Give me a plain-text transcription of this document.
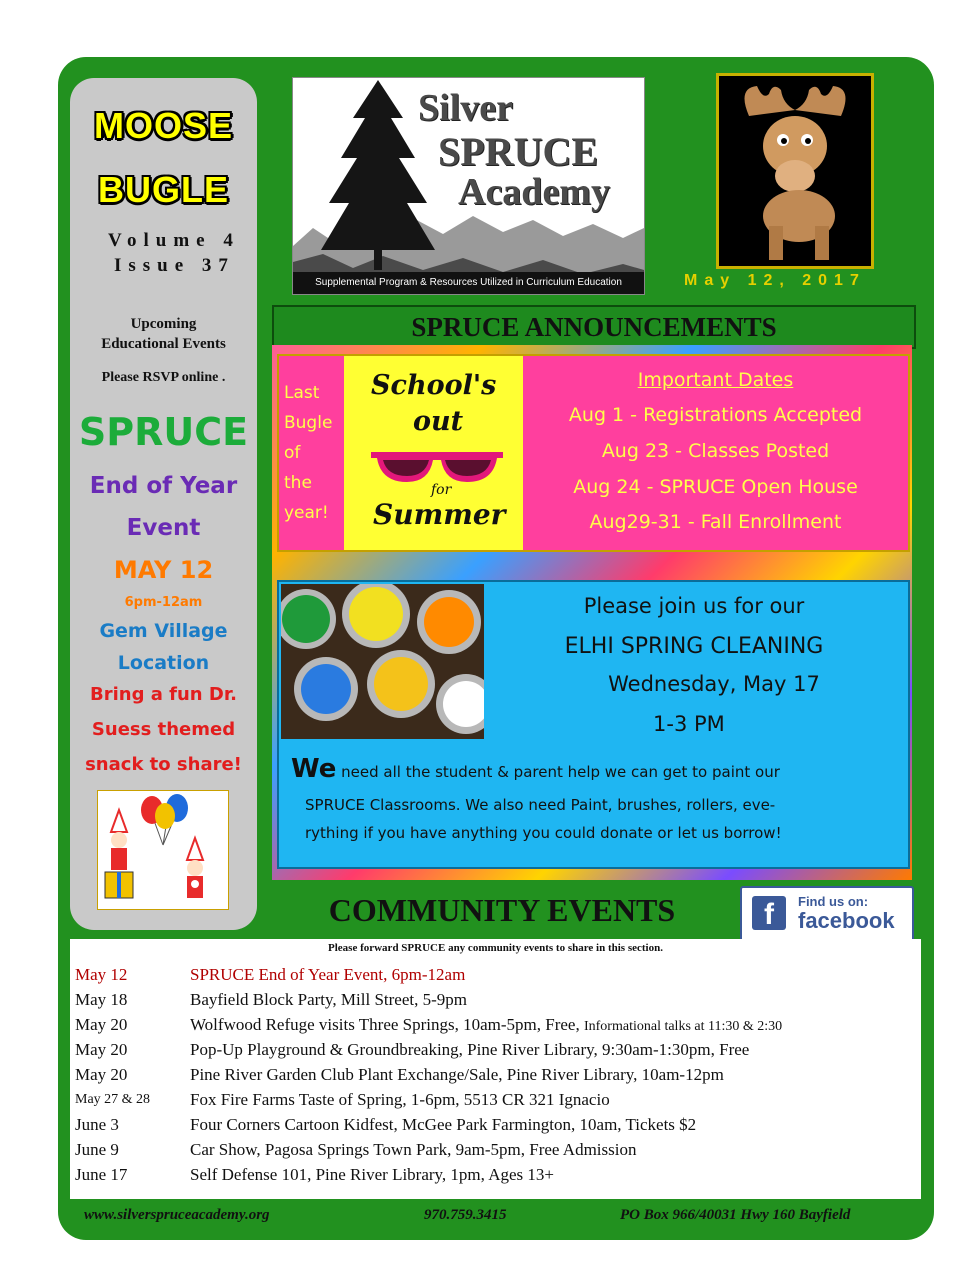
MOOSE
BUGLE
Volume 4
Issue 37
Upcoming
Educational Events
Please RSVP online .
SPRUCE
End of Year
Event
MAY 12
6pm-12am
Gem Village
Location
Bring a fun Dr.
Suess themed
snack to share!
Silver
SPRUCE
Academy
Supplemental Program & Resources Utilized in Curriculum Education	May 12, 2017
SPRUCE ANNOUNCEMENTS
Last
Bugle
of
the
year!
School's
out
for
Summer
Important Dates
Aug 1 - Registrations Accepted
Aug 23 - Classes Posted
Aug 24 - SPRUCE Open House
Aug29-31 - Fall Enrollment
Please join us for our
ELHI SPRING CLEANING
Wednesday, May 17
1-3 PM
We need all the student & parent help we can get to paint our
SPRUCE Classrooms. We also need Paint, brushes, rollers, eve-
rything if you have anything you could donate or let us borrow!
COMMUNITY EVENTS	f	Find us on:
facebook
Please forward SPRUCE any community events to share in this section.
May 12	SPRUCE End of Year Event, 6pm-12am
May 18	Bayfield Block Party, Mill Street, 5-9pm
May 20	Wolfwood Refuge visits Three Springs, 10am-5pm, Free, Informational talks at 11:30 & 2:30
May 20	Pop-Up Playground & Groundbreaking, Pine River Library, 9:30am-1:30pm, Free
May 20	Pine River Garden Club Plant Exchange/Sale, Pine River Library, 10am-12pm
May 27 & 28 Fox Fire Farms Taste of Spring, 1-6pm, 5513 CR 321 Ignacio
June 3	Four Corners Cartoon Kidfest, McGee Park Farmington, 10am, Tickets $2
June 9	Car Show, Pagosa Springs Town Park, 9am-5pm, Free Admission
June 17	Self Defense 101, Pine River Library, 1pm, Ages 13+
www.silverspruceacademy.org	970.759.3415	PO Box 966/40031 Hwy 160 Bayfield
